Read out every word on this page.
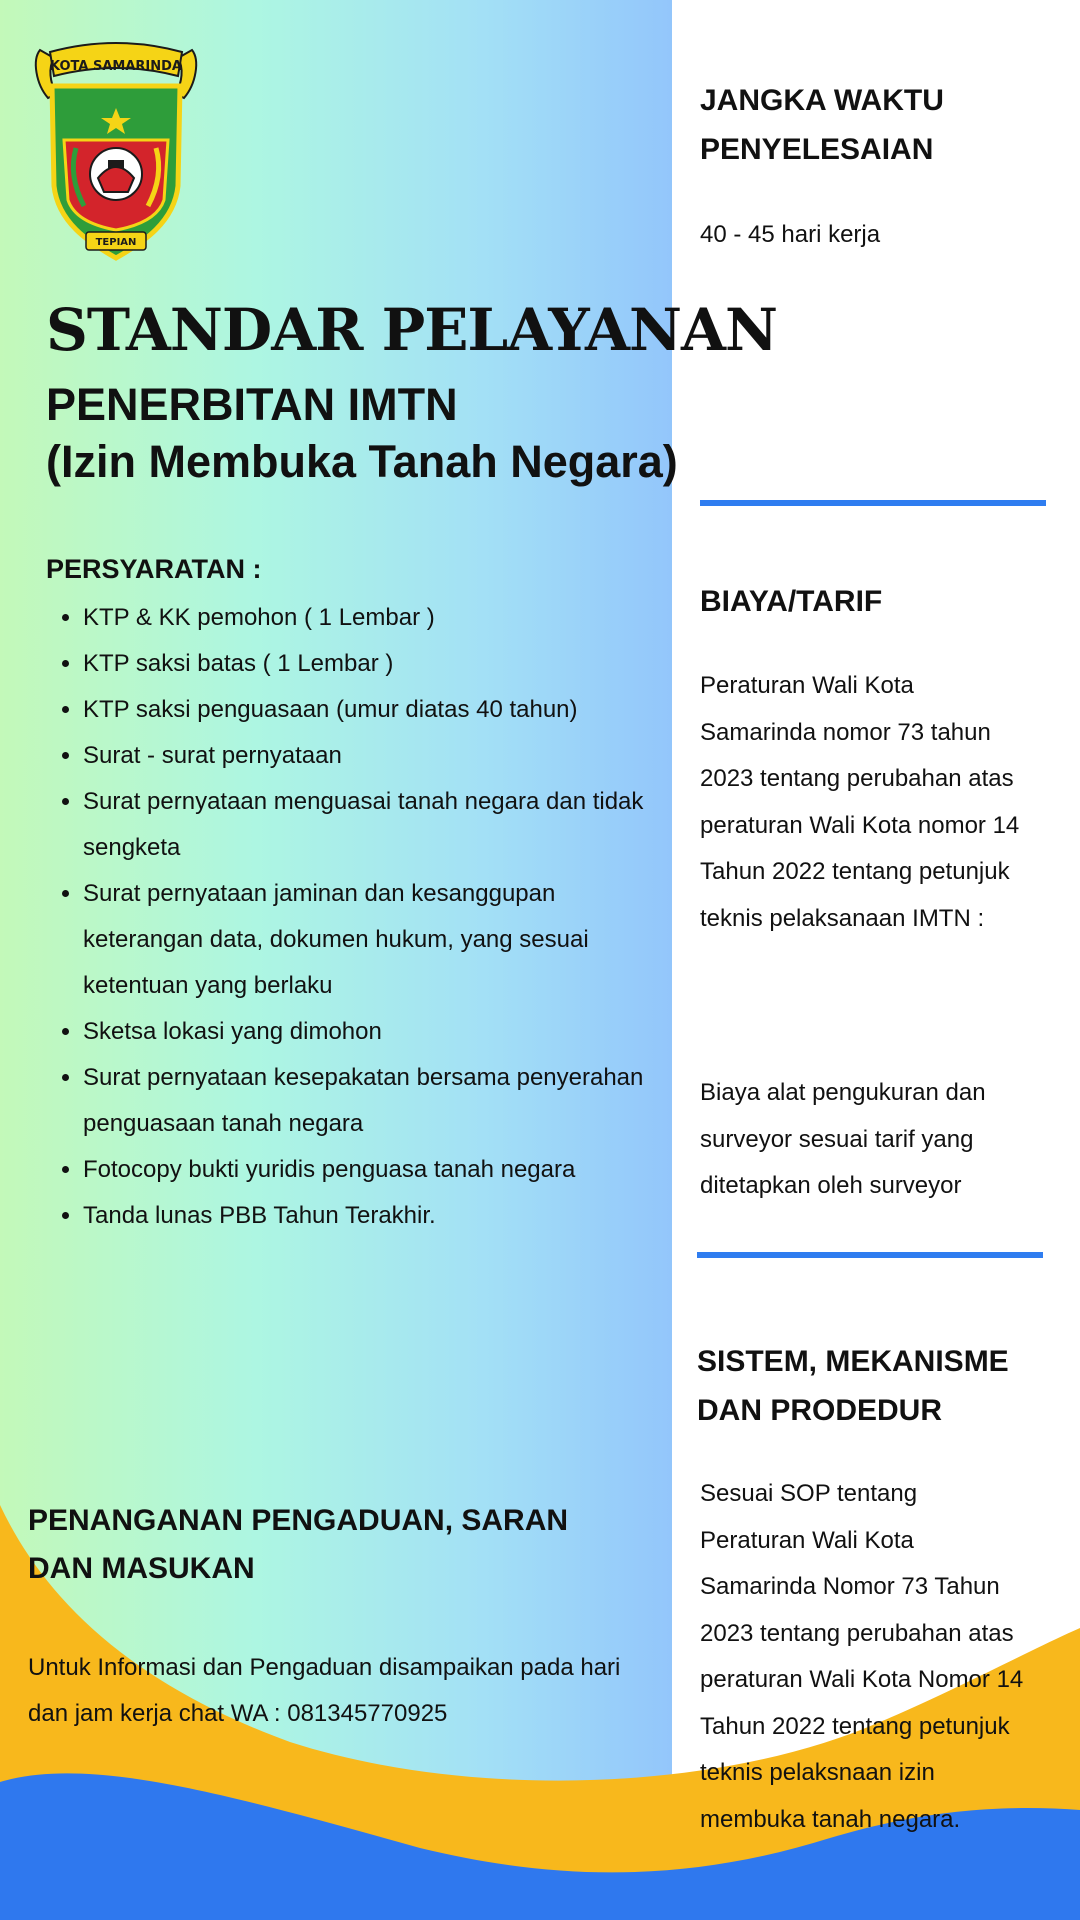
KOTA SAMARINDA
TEPIAN
STANDAR PELAYANAN
PENERBITAN IMTN
(Izin Membuka Tanah Negara)
PERSYARATAN :
• KTP & KK pemohon ( 1 Lembar )
• KTP saksi batas ( 1 Lembar )
• KTP saksi penguasaan (umur diatas 40 tahun)
• Surat - surat pernyataan
• Surat pernyataan menguasai tanah negara dan tidak sengketa
• Surat pernyataan jaminan dan kesanggupan keterangan data, dokumen hukum, yang sesuai ketentuan yang berlaku
• Sketsa lokasi yang dimohon
• Surat pernyataan kesepakatan bersama penyerahan penguasaan tanah negara
• Fotocopy bukti yuridis penguasa tanah negara
• Tanda lunas PBB Tahun Terakhir.
JANGKA WAKTU PENYELESAIAN
40 - 45 hari kerja
BIAYA/TARIF
Peraturan Wali Kota Samarinda nomor 73 tahun 2023 tentang perubahan atas peraturan Wali Kota nomor 14 Tahun 2022 tentang petunjuk teknis pelaksanaan IMTN :
Biaya alat pengukuran dan surveyor sesuai tarif yang ditetapkan oleh surveyor
SISTEM, MEKANISME DAN PRODEDUR
Sesuai SOP tentang Peraturan Wali Kota Samarinda Nomor 73 Tahun 2023 tentang perubahan atas peraturan Wali Kota Nomor 14 Tahun 2022 tentang petunjuk teknis pelaksnaan izin membuka tanah negara.
PENANGANAN PENGADUAN, SARAN DAN MASUKAN
Untuk Informasi dan Pengaduan disampaikan pada hari dan jam kerja chat WA : 081345770925
